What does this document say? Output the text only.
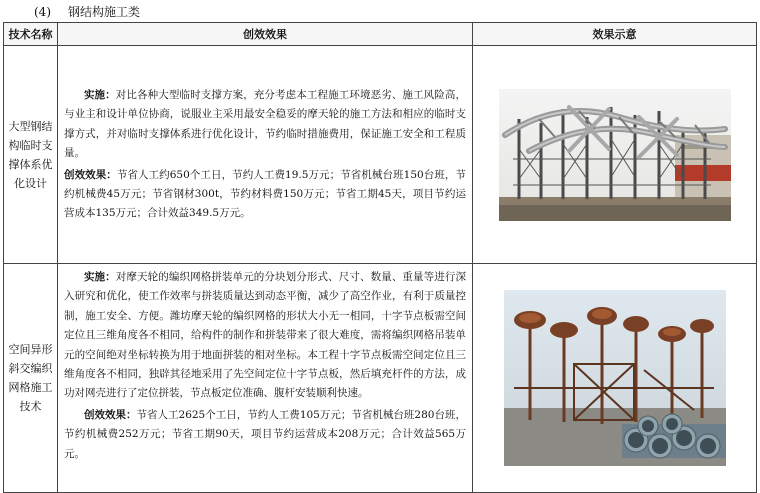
(4) 钢结构施工类
技术名称	创效效果	效果示意
大型钢结构临时支撑体系优化设计	实施：对比各种大型临时支撑方案，充分考虑本工程施工环境恶劣、施工风险高，与业主和设计单位协商，说服业主采用最安全稳妥的摩天轮的施工方法和相应的临时支撑方式，并对临时支撑体系进行优化设计，节约临时措施费用，保证施工安全和工程质量。
创效效果：节省人工约650个工日，节约人工费19.5万元；节省机械台班150台班，节约机械费45万元；节省钢材300t，节约材料费150万元；节省工期45天，项目节约运营成本135万元；合计效益349.5万元。

空间异形斜交编织网格施工技术	实施：对摩天轮的编织网格拼装单元的分块划分形式、尺寸、数量、重量等进行深入研究和优化，使工作效率与拼装质量达到动态平衡，减少了高空作业，有利于质量控制，施工安全、方便。潍坊摩天轮的编织网格的形状大小无一相同，十字节点板需空间定位且三维角度各不相同，给构件的制作和拼装带来了很大难度，需将编织网格吊装单元的空间绝对坐标转换为用于地面拼装的相对坐标。本工程十字节点板需空间定位且三维角度各不相同，独辟其径地采用了先空间定位十字节点板，然后填充杆件的方法，成功对网壳进行了定位拼装，节点板定位准确、腹杆安装顺利快速。
创效效果：节省人工2625个工日，节约人工费105万元；节省机械台班280台班，节约机械费252万元；节省工期90天，项目节约运营成本208万元；合计效益565万元。
